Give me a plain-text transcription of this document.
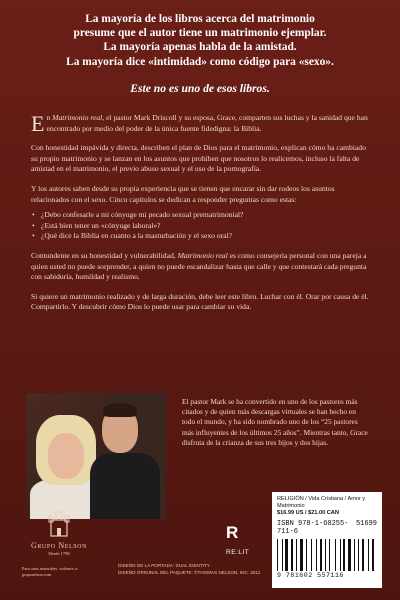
La mayoría de los libros acerca del matrimonio
presume que el autor tiene un matrimonio ejemplar.
La mayoría apenas habla de la amistad.
La mayoría dice «intimidad» como código para «sexo».
Este no es uno de esos libros.

En Matrimonio real, el pastor Mark Driscoll y su esposa, Grace, comparten sus luchas y la sanidad que han encontrado por medio del poder de la única fuente fidedigna: la Biblia.

Con honestidad impávida y directa, describen el plan de Dios para el matrimonio, explican cómo ha cambiado su propio matrimonio y se lanzan en los asuntos que prohíben que nosotros lo realicemos, incluso la falta de amistad en el matrimonio, el previo abuso sexual y el uso de la pornografía.

Y los autores saben desde su propia experiencia que se tienen que encarar sin dar rodeos los asuntos relacionados con el sexo. Cinco capítulos se dedican a responder preguntas como estas:

• ¿Debo confesarle a mi cónyuge mi pecado sexual prematrimonial?
• ¿Está bien tener un «cónyuge laboral»?
• ¿Qué dice la Biblia en cuanto a la masturbación y el sexo oral?

Contundente en su honestidad y vulnerabilidad, Matrimonio real es como consejería personal con una pareja a quien usted no puede sorprender, a quien no puede escandalizar hasta que calle y que contestará cada pregunta con sabiduría, humildad y realismo.

Si quiere un matrimonio realizado y de larga duración, debe leer este libro. Luchar con él. Orar por causa de él. Compartirlo. Y descubrir cómo Dios lo puede usar para cambiar su vida.

El pastor Mark se ha convertido en uno de los pastores más citados y de quien más descargas virtuales se han hecho en todo el mundo, y ha sido nombrado uno de los “25 pastores más influyentes de los últimos 25 años”. Mientras tanto, Grace disfruta de la crianza de sus tres hijos y dos hijas.

Grupo Nelson
Desde 1798
Para otros materiales, visítenos a:
gruponelson.com
DISEÑO DE LA PORTADA: DUAL IDENTITY
DISEÑO ORIGINAL DEL PAQUETE: ©THOMAS NELSON, INC. 2011
R
RE:LIT
RELIGIÓN / Vida Cristiana / Amor y Matrimonio
$16.99 US / $21.00 CAN
ISBN 978-1-60255-711-6
51699
9 781602 557116
